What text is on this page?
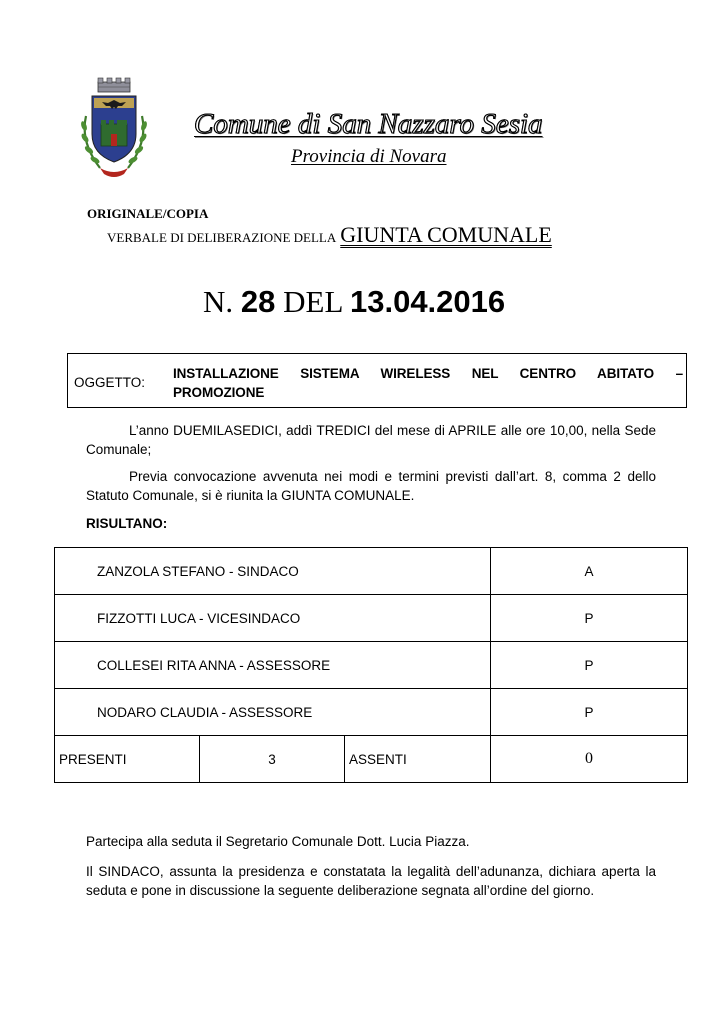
Comune di San Nazzaro Sesia
Provincia di Novara
ORIGINALE/COPIA
VERBALE DI DELIBERAZIONE DELLA GIUNTA COMUNALE
N. 28 DEL 13.04.2016
OGGETTO:
INSTALLAZIONE SISTEMA WIRELESS NEL CENTRO ABITATO –
PROMOZIONE
L’anno DUEMILASEDICI, addì TREDICI del mese di APRILE alle ore 10,00, nella Sede Comunale;
Previa convocazione avvenuta nei modi e termini previsti dall’art. 8, comma 2 dello Statuto Comunale, si è riunita la GIUNTA COMUNALE.
RISULTANO:
ZANZOLA STEFANO - SINDACO			A
FIZZOTTI LUCA - VICESINDACO			P
COLLESEI RITA ANNA - ASSESSORE			P
NODARO CLAUDIA - ASSESSORE			P
PRESENTI	3	ASSENTI	0
Partecipa alla seduta il Segretario Comunale Dott. Lucia Piazza.
Il SINDACO, assunta la presidenza e constatata la legalità dell’adunanza, dichiara aperta la seduta e pone in discussione la seguente deliberazione segnata all’ordine del giorno.
